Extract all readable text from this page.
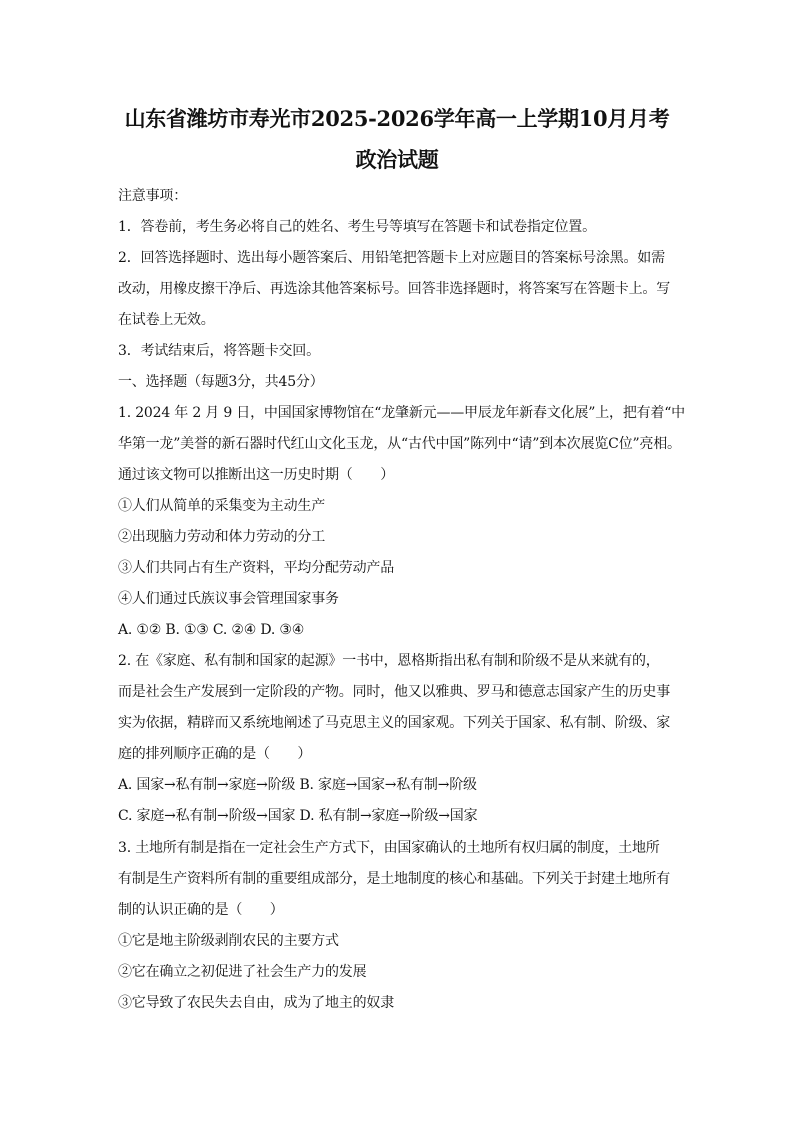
山东省潍坊市寿光市2025-2026学年高一上学期10月月考
政治试题
注意事项：
1．答卷前，考生务必将自己的姓名、考生号等填写在答题卡和试卷指定位置。
2．回答选择题时、选出每小题答案后、用铅笔把答题卡上对应题目的答案标号涂黑。如需
改动，用橡皮擦干净后、再选涂其他答案标号。回答非选择题时，将答案写在答题卡上。写
在试卷上无效。
3．考试结束后，将答题卡交回。
一、选择题（每题3分，共45分）
1. 2024 年 2 月 9 日，中国国家博物馆在“龙肇新元——甲辰龙年新春文化展”上，把有着“中
华第一龙”美誉的新石器时代红山文化玉龙，从“古代中国”陈列中“请”到本次展览C位”亮相。
通过该文物可以推断出这一历史时期（　　）
①人们从简单的采集变为主动生产
②出现脑力劳动和体力劳动的分工
③人们共同占有生产资料，平均分配劳动产品
④人们通过氏族议事会管理国家事务
A. ①② B. ①③ C. ②④ D. ③④
2. 在《家庭、私有制和国家的起源》一书中，恩格斯指出私有制和阶级不是从来就有的，
而是社会生产发展到一定阶段的产物。同时，他又以雅典、罗马和德意志国家产生的历史事
实为依据，精辟而又系统地阐述了马克思主义的国家观。下列关于国家、私有制、阶级、家
庭的排列顺序正确的是（　　）
A. 国家→私有制→家庭→阶级 B. 家庭→国家→私有制→阶级
C. 家庭→私有制→阶级→国家 D. 私有制→家庭→阶级→国家
3. 土地所有制是指在一定社会生产方式下，由国家确认的土地所有权归属的制度，土地所
有制是生产资料所有制的重要组成部分，是土地制度的核心和基础。下列关于封建土地所有
制的认识正确的是（　　）
①它是地主阶级剥削农民的主要方式
②它在确立之初促进了社会生产力的发展
③它导致了农民失去自由，成为了地主的奴隶
